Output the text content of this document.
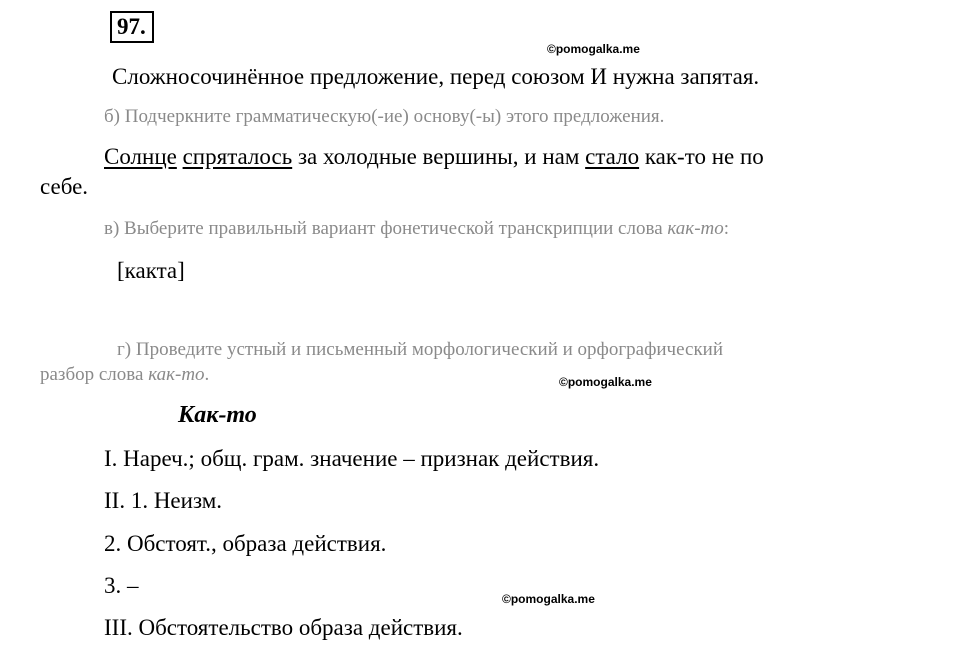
97.
©pomogalka.me
Сложносочинённое предложение, перед союзом И нужна запятая.
б) Подчеркните грамматическую(-ие) основу(-ы) этого предложения.
Солнце спряталось за холодные вершины, и нам стало как-то не по
себе.
в) Выберите правильный вариант фонетической транскрипции слова как-то:
[какта]
г) Проведите устный и письменный морфологический и орфографический
разбор слова как-то.	©pomogalka.me
Как-то
I. Нареч.; общ. грам. значение – признак действия.
II. 1. Неизм.
2. Обстоят., образа действия.
3. –
©pomogalka.me
III. Обстоятельство образа действия.
